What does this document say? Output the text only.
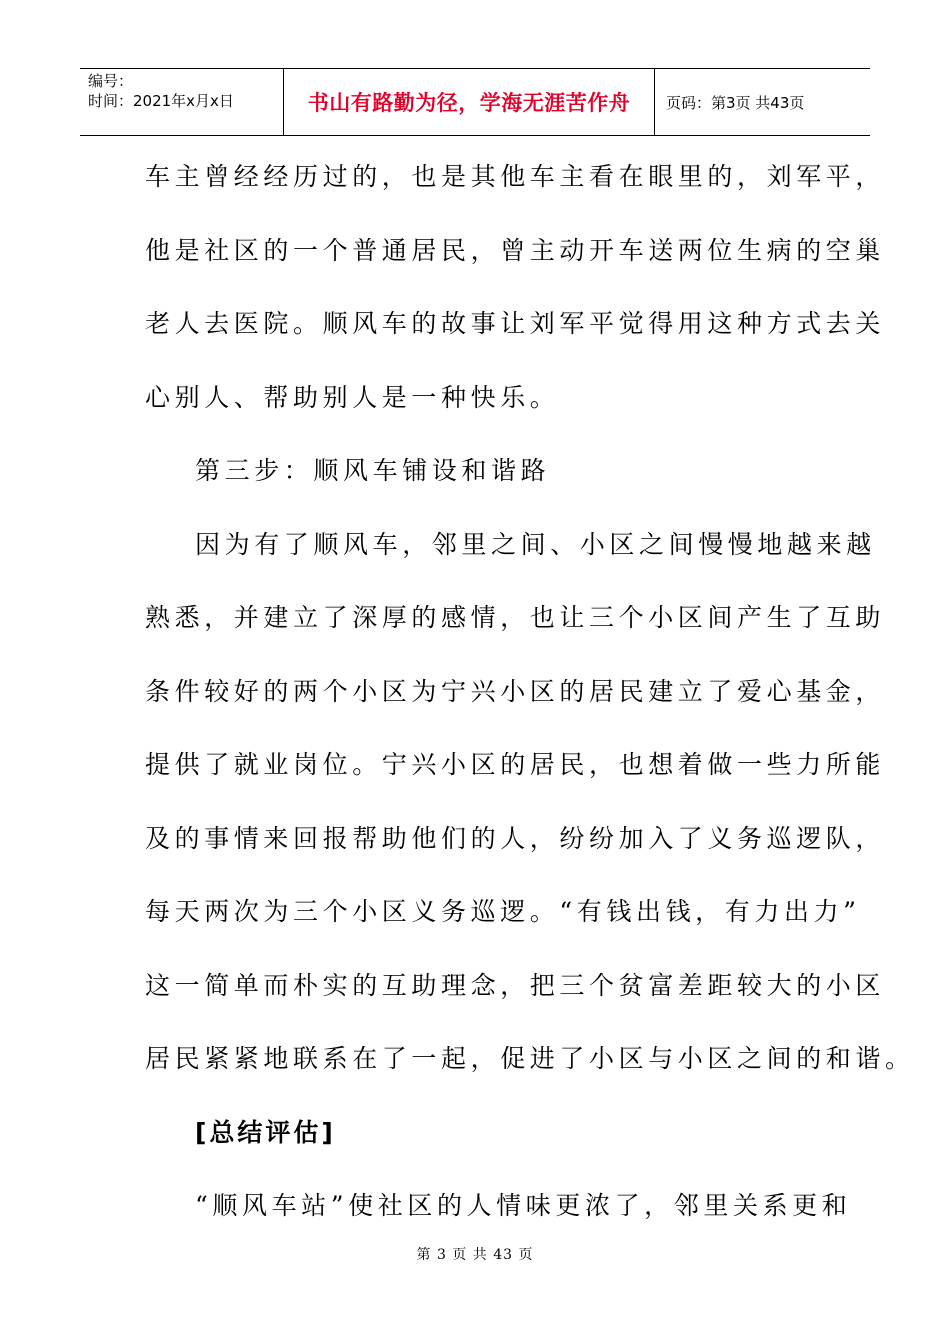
编号：
时间：2021年x月x日	书山有路勤为径，学海无涯苦作舟	页码：第3页 共43页
车主曾经经历过的，也是其他车主看在眼里的，刘军平，
他是社区的一个普通居民，曾主动开车送两位生病的空巢
老人去医院。顺风车的故事让刘军平觉得用这种方式去关
心别人、帮助别人是一种快乐。
第三步：顺风车铺设和谐路
因为有了顺风车，邻里之间、小区之间慢慢地越来越
熟悉，并建立了深厚的感情，也让三个小区间产生了互助
条件较好的两个小区为宁兴小区的居民建立了爱心基金，
提供了就业岗位。宁兴小区的居民，也想着做一些力所能
及的事情来回报帮助他们的人，纷纷加入了义务巡逻队，
每天两次为三个小区义务巡逻。“有钱出钱，有力出力”
这一简单而朴实的互助理念，把三个贫富差距较大的小区
居民紧紧地联系在了一起，促进了小区与小区之间的和谐。
[总结评估]
“顺风车站”使社区的人情味更浓了，邻里关系更和
第 3 页 共 43 页
